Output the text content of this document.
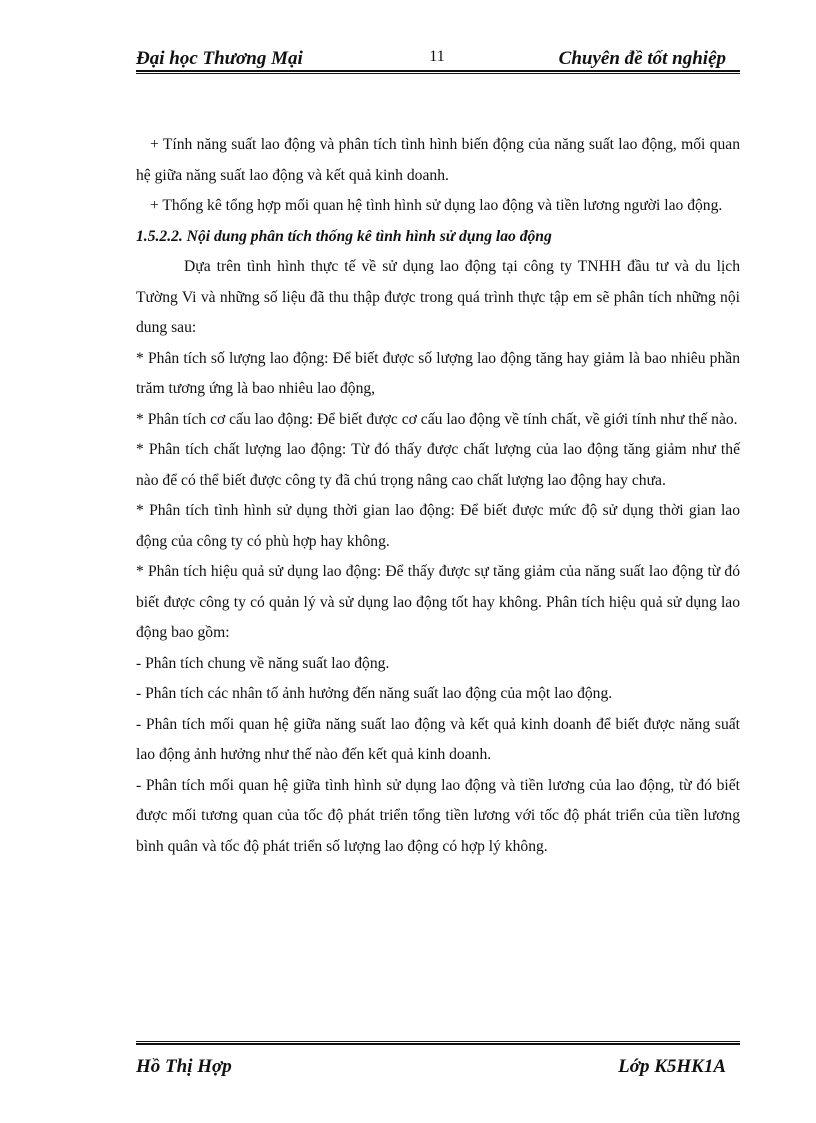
Đại học Thương Mại	11	Chuyên đề tốt nghiệp

+ Tính năng suất lao động và phân tích tình hình biến động của năng suất lao động, mối quan hệ giữa năng suất lao động và kết quả kinh doanh.

+ Thống kê tổng hợp mối quan hệ tình hình sử dụng lao động và tiền lương người lao động.

1.5.2.2. Nội dung phân tích thống kê tình hình sử dụng lao động

Dựa trên tình hình thực tế về sử dụng lao động tại công ty TNHH đầu tư và du lịch Tường Vi và những số liệu đã thu thập được trong quá trình thực tập em sẽ phân tích những nội dung sau:

* Phân tích số lượng lao động: Để biết được số lượng lao động tăng hay giảm là bao nhiêu phần trăm tương ứng là bao nhiêu lao động,

* Phân tích cơ cấu lao động: Để biết được cơ cấu lao động về tính chất, về giới tính như thế nào.

* Phân tích chất lượng lao động: Từ đó thấy được chất lượng của lao động tăng giảm như thế nào để có thể biết được công ty đã chú trọng nâng cao chất lượng lao động hay chưa.

* Phân tích tình hình sử dụng thời gian lao động: Để biết được mức độ sử dụng thời gian lao động của công ty có phù hợp hay không.

* Phân tích hiệu quả sử dụng lao động: Để thấy được sự tăng giảm của năng suất lao động từ đó biết được công ty có quản lý và sử dụng lao động tốt hay không. Phân tích hiệu quả sử dụng lao động bao gồm:

- Phân tích chung về năng suất lao động.

- Phân tích các nhân tố ảnh hưởng đến năng suất lao động của một lao động.

- Phân tích mối quan hệ giữa năng suất lao động và kết quả kinh doanh để biết được năng suất lao động ảnh hưởng như thế nào đến kết quả kinh doanh.

- Phân tích mối quan hệ giữa tình hình sử dụng lao động và tiền lương của lao động, từ đó biết được mối tương quan của tốc độ phát triển tổng tiền lương với tốc độ phát triển của tiền lương bình quân và tốc độ phát triển số lượng lao động có hợp lý không.

Hồ Thị Hợp	Lớp K5HK1A
